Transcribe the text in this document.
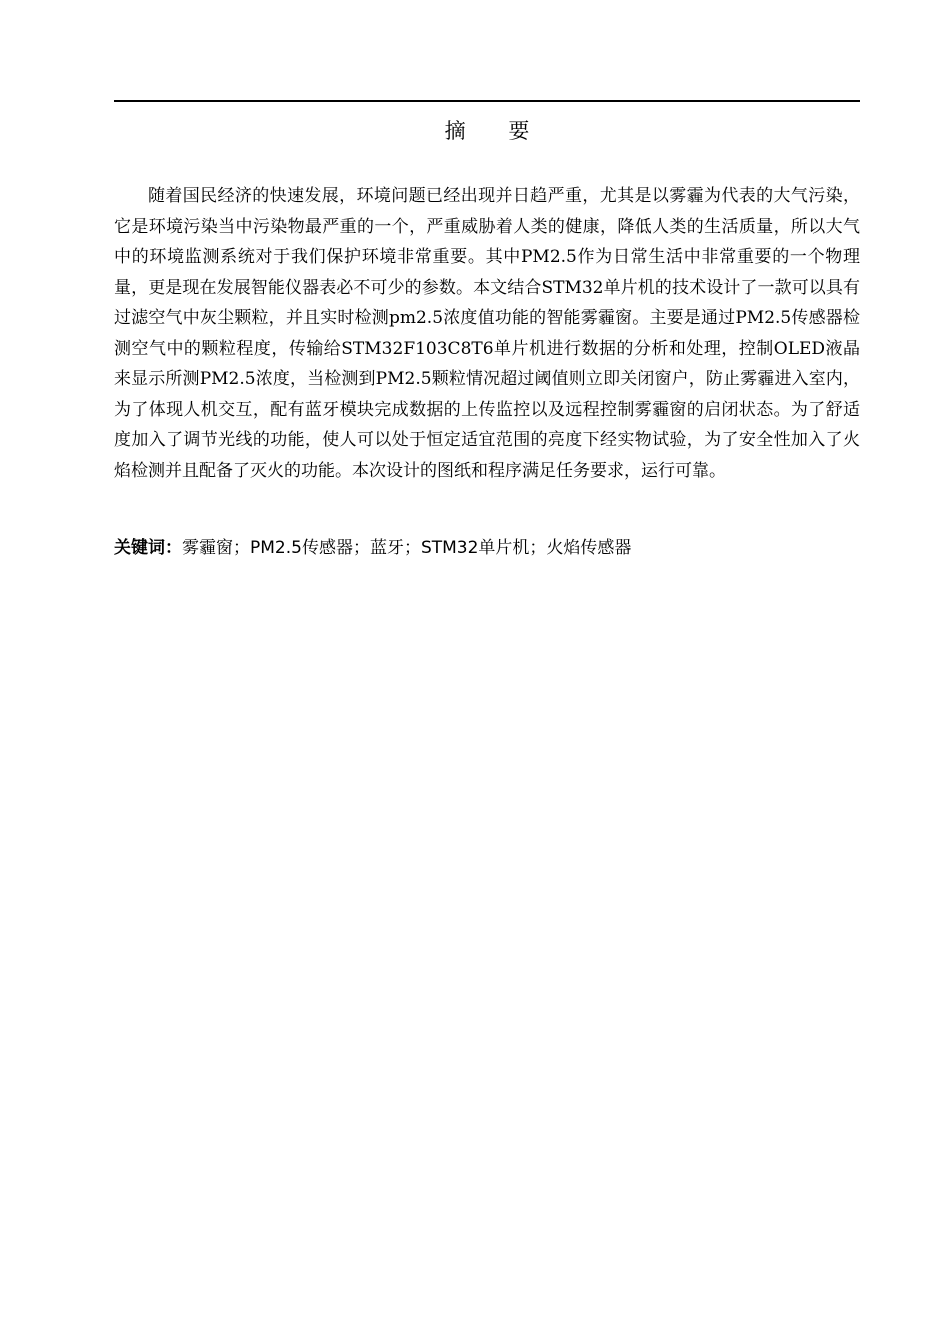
摘 要

随着国民经济的快速发展，环境问题已经出现并日趋严重，尤其是以雾霾为代表的大气污染，它是环境污染当中污染物最严重的一个，严重威胁着人类的健康，降低人类的生活质量，所以大气中的环境监测系统对于我们保护环境非常重要。其中PM2.5作为日常生活中非常重要的一个物理量，更是现在发展智能仪器表必不可少的参数。本文结合STM32单片机的技术设计了一款可以具有过滤空气中灰尘颗粒，并且实时检测pm2.5浓度值功能的智能雾霾窗。主要是通过PM2.5传感器检测空气中的颗粒程度，传输给STM32F103C8T6单片机进行数据的分析和处理，控制OLED液晶来显示所测PM2.5浓度，当检测到PM2.5颗粒情况超过阈值则立即关闭窗户，防止雾霾进入室内，为了体现人机交互，配有蓝牙模块完成数据的上传监控以及远程控制雾霾窗的启闭状态。为了舒适度加入了调节光线的功能，使人可以处于恒定适宜范围的亮度下经实物试验，为了安全性加入了火焰检测并且配备了灭火的功能。本次设计的图纸和程序满足任务要求，运行可靠。

关键词：雾霾窗；PM2.5传感器；蓝牙；STM32单片机；火焰传感器
